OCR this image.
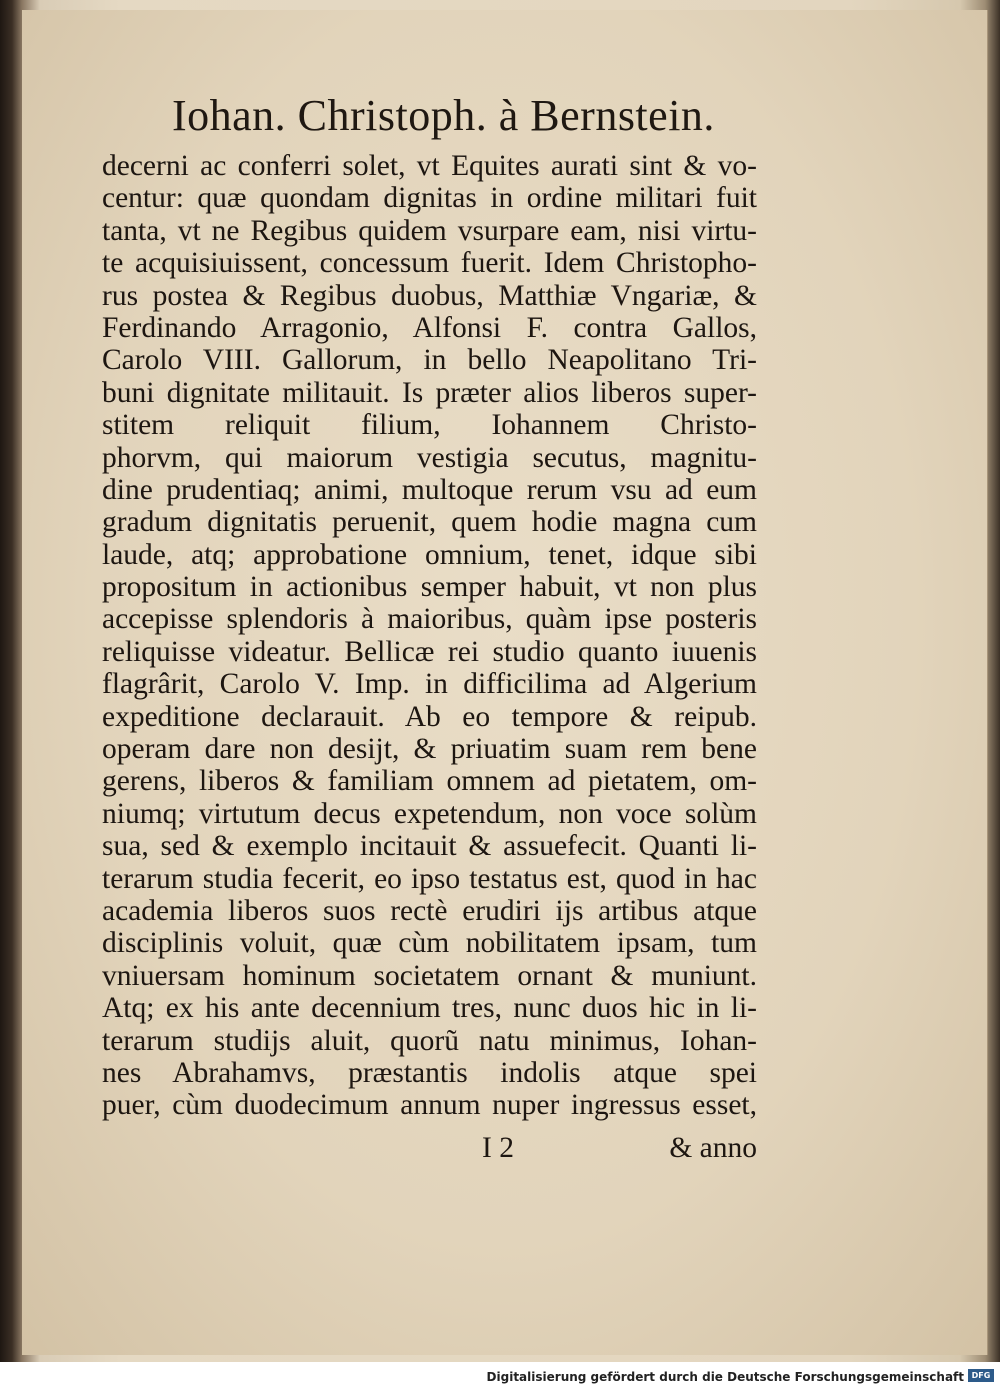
Iohan. Christoph. à Bernstein.
decerni ac conferri solet, vt Equites aurati sint & vo-
centur: quæ quondam dignitas in ordine militari fuit
tanta, vt ne Regibus quidem vsurpare eam, nisi virtu-
te acquisiuissent, concessum fuerit. Idem Christopho-
rus postea & Regibus duobus, Matthiæ Vngariæ, &
Ferdinando Arragonio, Alfonsi F. contra Gallos,
Carolo VIII. Gallorum, in bello Neapolitano Tri-
buni dignitate militauit. Is præter alios liberos super-
stitem reliquit filium, Iohannem Christo-
phorvm, qui maiorum vestigia secutus, magnitu-
dine prudentiaq; animi, multoque rerum vsu ad eum
gradum dignitatis peruenit, quem hodie magna cum
laude, atq; approbatione omnium, tenet, idque sibi
propositum in actionibus semper habuit, vt non plus
accepisse splendoris à maioribus, quàm ipse posteris
reliquisse videatur. Bellicæ rei studio quanto iuuenis
flagrârit, Carolo V. Imp. in difficilima ad Algerium
expeditione declarauit. Ab eo tempore & reipub.
operam dare non desijt, & priuatim suam rem bene
gerens, liberos & familiam omnem ad pietatem, om-
niumq; virtutum decus expetendum, non voce solùm
sua, sed & exemplo incitauit & assuefecit. Quanti li-
terarum studia fecerit, eo ipso testatus est, quod in hac
academia liberos suos rectè erudiri ijs artibus atque
disciplinis voluit, quæ cùm nobilitatem ipsam, tum
vniuersam hominum societatem ornant & muniunt.
Atq; ex his ante decennium tres, nunc duos hic in li-
terarum studijs aluit, quorũ natu minimus, Iohan-
nes Abrahamvs, præstantis indolis atque spei
puer, cùm duodecimum annum nuper ingressus esset,
I 2	& anno
Digitalisierung gefördert durch die Deutsche Forschungsgemeinschaft DFG
